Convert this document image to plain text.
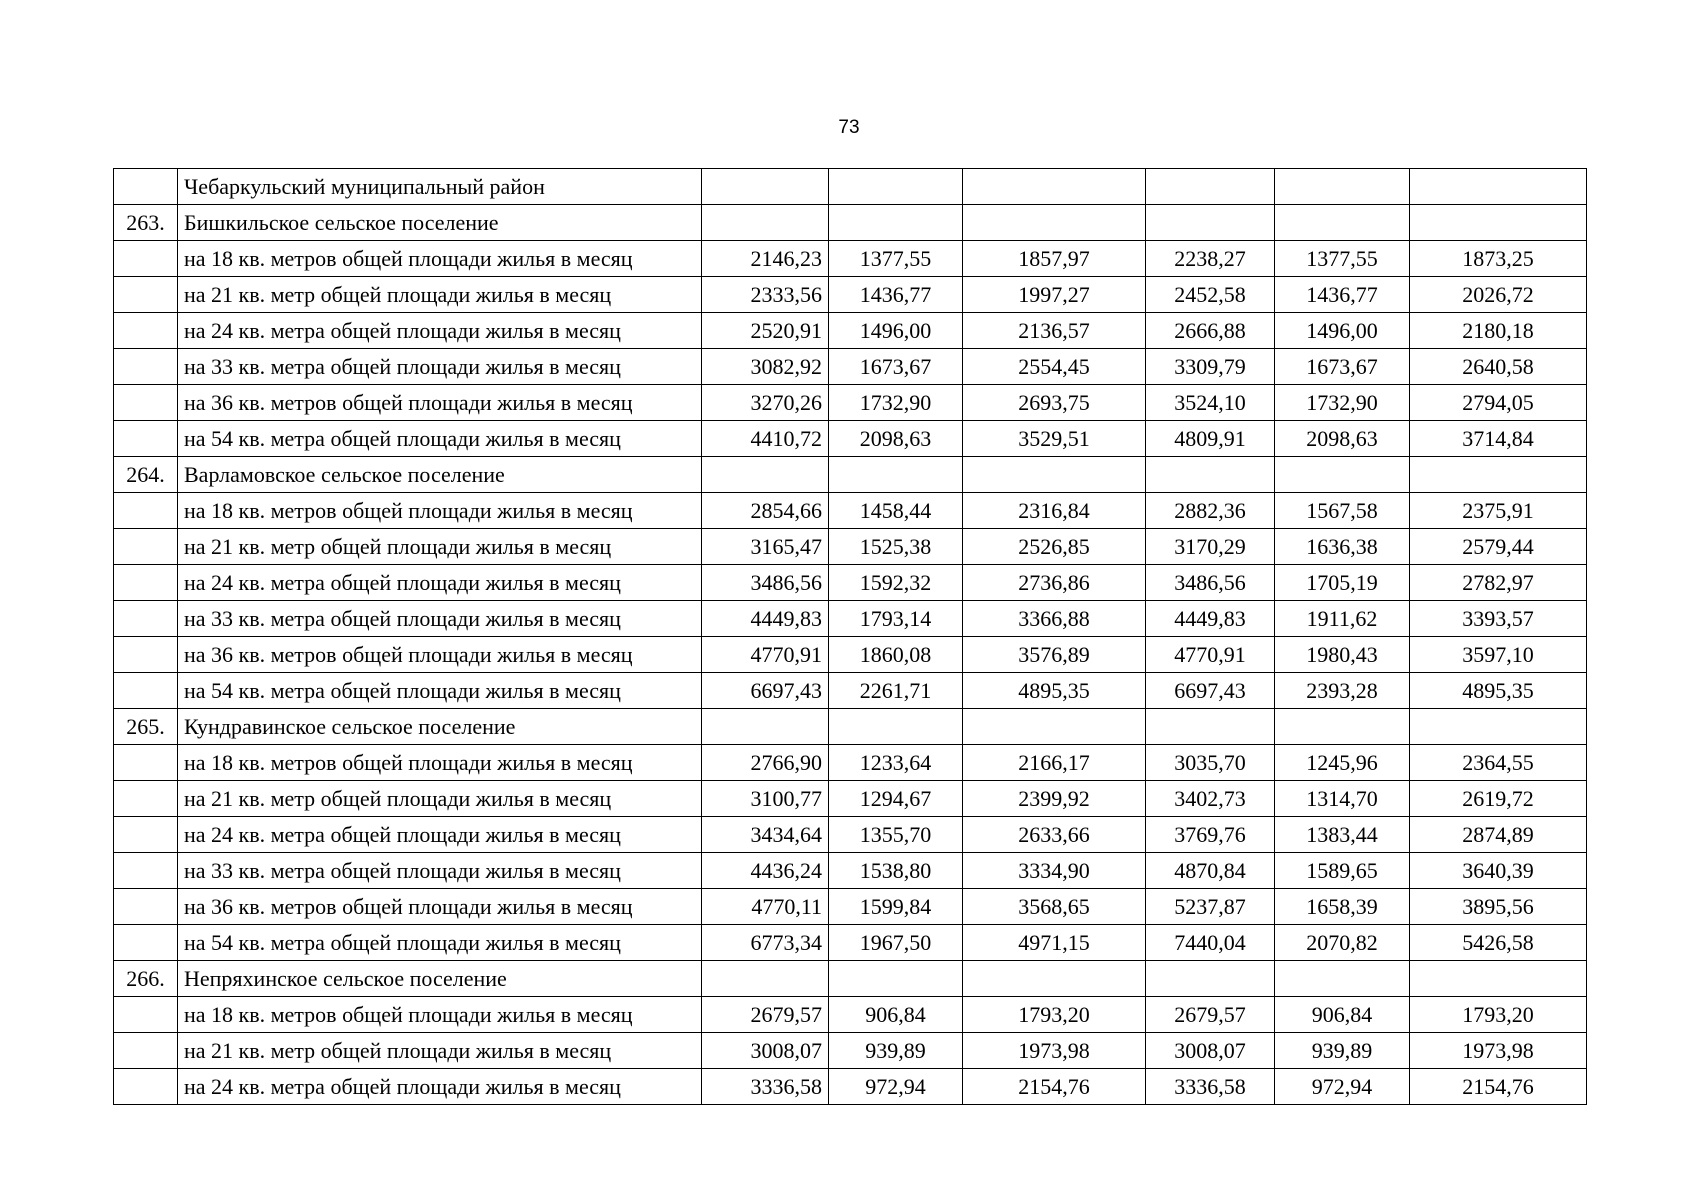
73
	Чебаркульский муниципальный район						
263.	Бишкильское сельское поселение						
	на 18 кв. метров общей площади жилья в месяц	2146,23	1377,55	1857,97	2238,27	1377,55	1873,25
	на 21 кв. метр общей площади жилья в месяц	2333,56	1436,77	1997,27	2452,58	1436,77	2026,72
	на 24 кв. метра общей площади жилья в месяц	2520,91	1496,00	2136,57	2666,88	1496,00	2180,18
	на 33 кв. метра общей площади жилья в месяц	3082,92	1673,67	2554,45	3309,79	1673,67	2640,58
	на 36 кв. метров общей площади жилья в месяц	3270,26	1732,90	2693,75	3524,10	1732,90	2794,05
	на 54 кв. метра общей площади жилья в месяц	4410,72	2098,63	3529,51	4809,91	2098,63	3714,84
264.	Варламовское сельское поселение						
	на 18 кв. метров общей площади жилья в месяц	2854,66	1458,44	2316,84	2882,36	1567,58	2375,91
	на 21 кв. метр общей площади жилья в месяц	3165,47	1525,38	2526,85	3170,29	1636,38	2579,44
	на 24 кв. метра общей площади жилья в месяц	3486,56	1592,32	2736,86	3486,56	1705,19	2782,97
	на 33 кв. метра общей площади жилья в месяц	4449,83	1793,14	3366,88	4449,83	1911,62	3393,57
	на 36 кв. метров общей площади жилья в месяц	4770,91	1860,08	3576,89	4770,91	1980,43	3597,10
	на 54 кв. метра общей площади жилья в месяц	6697,43	2261,71	4895,35	6697,43	2393,28	4895,35
265.	Кундравинское сельское поселение						
	на 18 кв. метров общей площади жилья в месяц	2766,90	1233,64	2166,17	3035,70	1245,96	2364,55
	на 21 кв. метр общей площади жилья в месяц	3100,77	1294,67	2399,92	3402,73	1314,70	2619,72
	на 24 кв. метра общей площади жилья в месяц	3434,64	1355,70	2633,66	3769,76	1383,44	2874,89
	на 33 кв. метра общей площади жилья в месяц	4436,24	1538,80	3334,90	4870,84	1589,65	3640,39
	на 36 кв. метров общей площади жилья в месяц	4770,11	1599,84	3568,65	5237,87	1658,39	3895,56
	на 54 кв. метра общей площади жилья в месяц	6773,34	1967,50	4971,15	7440,04	2070,82	5426,58
266.	Непряхинское сельское поселение						
	на 18 кв. метров общей площади жилья в месяц	2679,57	906,84	1793,20	2679,57	906,84	1793,20
	на 21 кв. метр общей площади жилья в месяц	3008,07	939,89	1973,98	3008,07	939,89	1973,98
	на 24 кв. метра общей площади жилья в месяц	3336,58	972,94	2154,76	3336,58	972,94	2154,76
